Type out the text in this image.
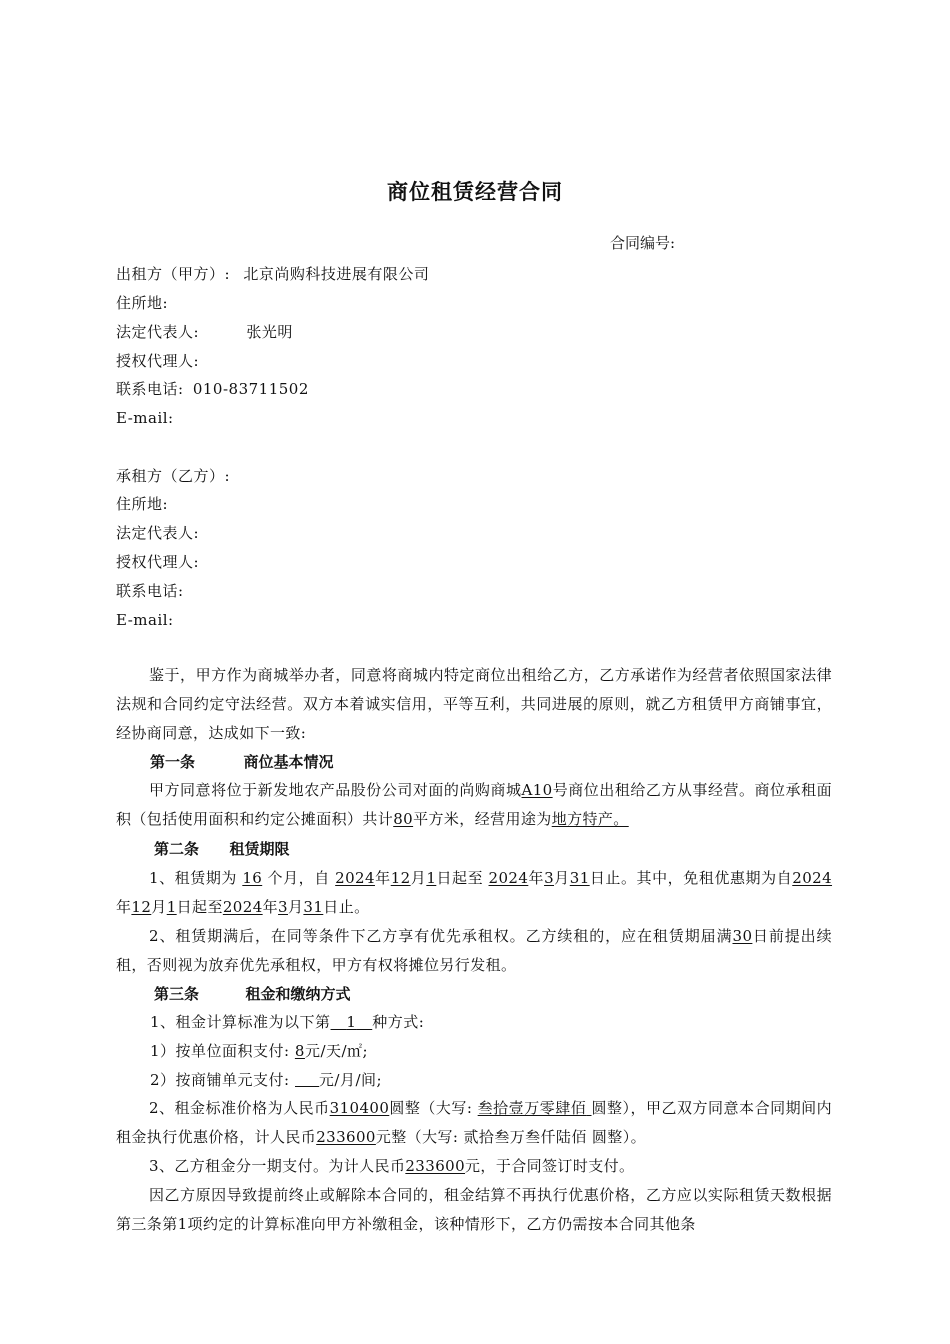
商位租赁经营合同
合同编号:
出租方（甲方）: 北京尚购科技进展有限公司
住所地:
法定代表人:	张光明
授权代理人:
联系电话: 010-83711502
E-mail:
承租方（乙方）:
住所地:
法定代表人:
授权代理人:
联系电话:
E-mail:
鉴于，甲方作为商城举办者，同意将商城内特定商位出租给乙方，乙方承诺作为经营者依照国家法律法规和合同约定守法经营。双方本着诚实信用，平等互利，共同进展的原则，就乙方租赁甲方商铺事宜，经协商同意，达成如下一致:
第一条	商位基本情况
甲方同意将位于新发地农产品股份公司对面的尚购商城A10号商位出租给乙方从事经营。商位承租面积（包括使用面积和约定公摊面积）共计80平方米，经营用途为地方特产。
第二条 租赁期限
1、租赁期为 16 个月，自 2024年12月1日起至 2024年3月31日止。其中，免租优惠期为自2024年12月1日起至2024年3月31日止。
2、租赁期满后，在同等条件下乙方享有优先承租权。乙方续租的，应在租赁期届满30日前提出续租，否则视为放弃优先承租权，甲方有权将摊位另行发租。
第三条	租金和缴纳方式
1、租金计算标准为以下第 1 种方式:
1）按单位面积支付: 8元/天/㎡;
2）按商铺单元支付: 元/月/间;
2、租金标准价格为人民币310400圆整（大写: 叁拾壹万零肆佰 圆整），甲乙双方同意本合同期间内租金执行优惠价格，计人民币233600元整（大写: 贰拾叁万叁仟陆佰 圆整）。
3、乙方租金分一期支付。为计人民币233600元，于合同签订时支付。
因乙方原因导致提前终止或解除本合同的，租金结算不再执行优惠价格，乙方应以实际租赁天数根据第三条第1项约定的计算标准向甲方补缴租金，该种情形下，乙方仍需按本合同其他条
